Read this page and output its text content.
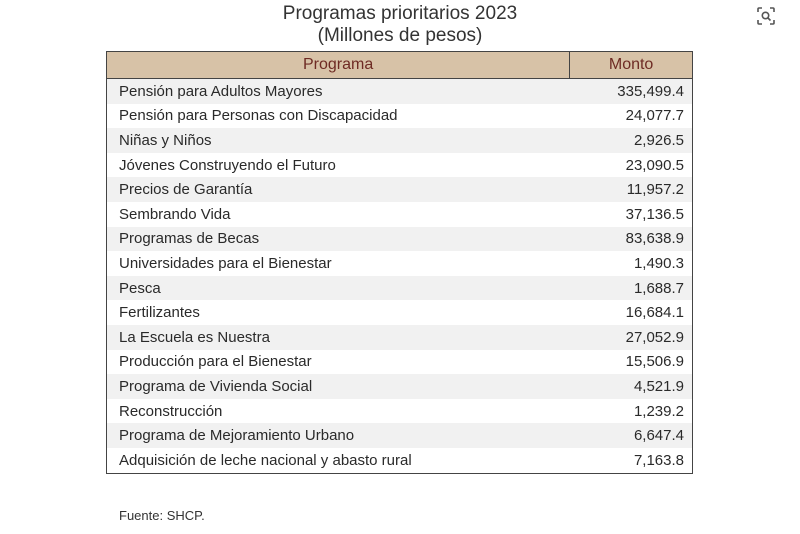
Programas prioritarios 2023
(Millones de pesos)
Programa	Monto
Pensión para Adultos Mayores	335,499.4
Pensión para Personas con Discapacidad	24,077.7
Niñas y Niños	2,926.5
Jóvenes Construyendo el Futuro	23,090.5
Precios de Garantía	11,957.2
Sembrando Vida	37,136.5
Programas de Becas	83,638.9
Universidades para el Bienestar	1,490.3
Pesca	1,688.7
Fertilizantes	16,684.1
La Escuela es Nuestra	27,052.9
Producción para el Bienestar	15,506.9
Programa de Vivienda Social	4,521.9
Reconstrucción	1,239.2
Programa de Mejoramiento Urbano	6,647.4
Adquisición de leche nacional y abasto rural	7,163.8
Fuente: SHCP.
